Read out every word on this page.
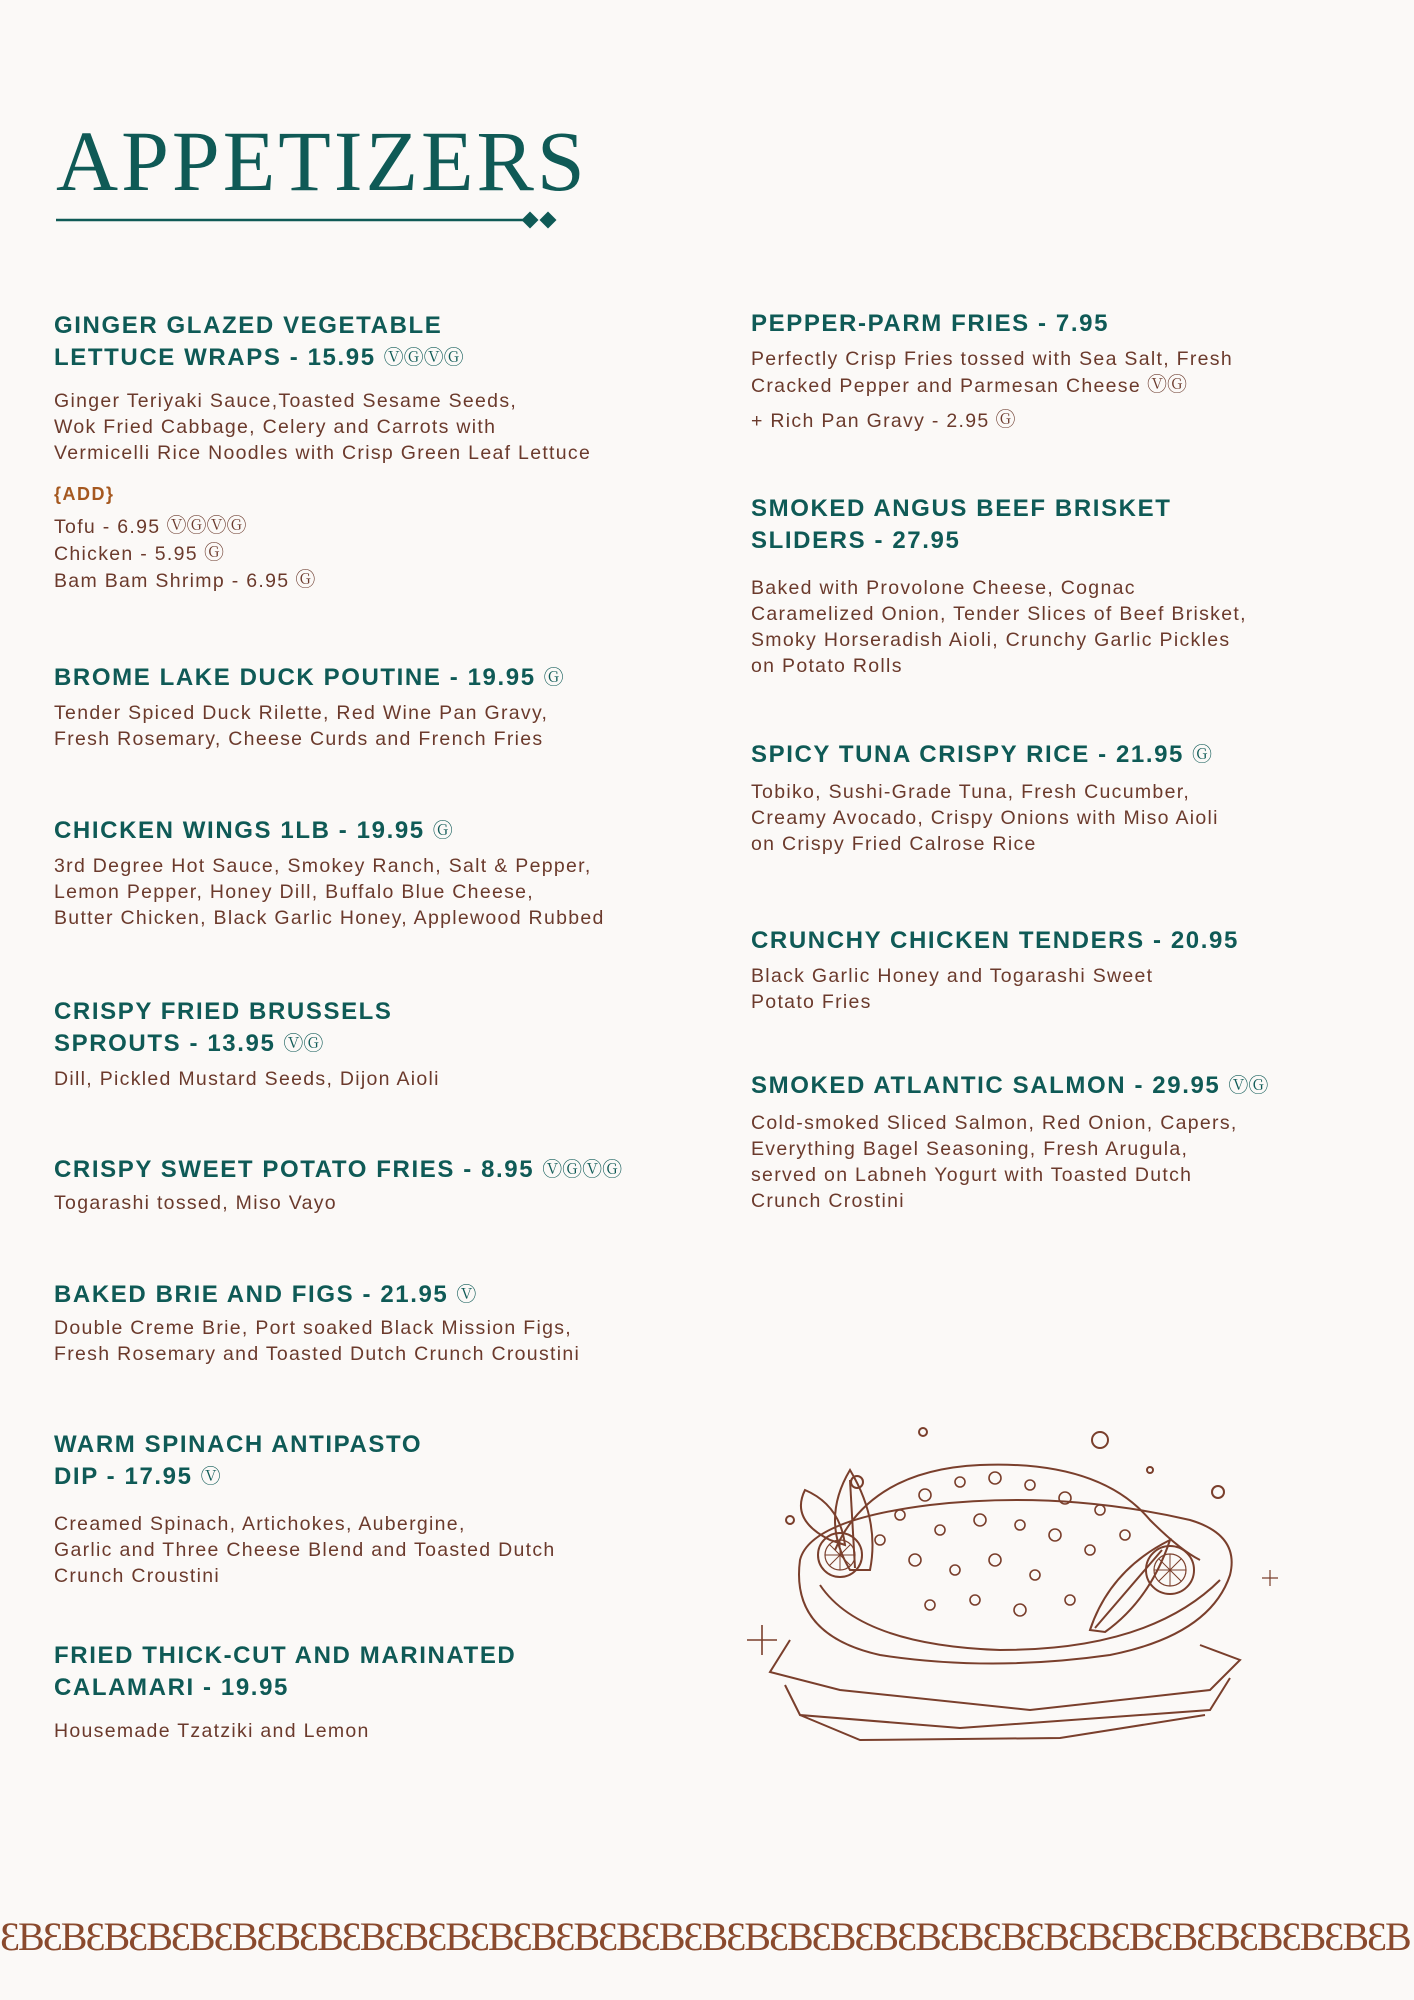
APPETIZERS

GINGER GLAZED VEGETABLE
LETTUCE WRAPS - 15.95 ⓋⒼⓋⒼ

Ginger Teriyaki Sauce,Toasted Sesame Seeds,
Wok Fried Cabbage, Celery and Carrots with
Vermicelli Rice Noodles with Crisp Green Leaf Lettuce

{ADD}

Tofu - 6.95 ⓋⒼⓋⒼ

Chicken - 5.95 Ⓖ

Bam Bam Shrimp - 6.95 Ⓖ

BROME LAKE DUCK POUTINE - 19.95 Ⓖ

Tender Spiced Duck Rilette, Red Wine Pan Gravy,
Fresh Rosemary, Cheese Curds and French Fries

CHICKEN WINGS 1LB - 19.95 Ⓖ

3rd Degree Hot Sauce, Smokey Ranch, Salt & Pepper,
Lemon Pepper, Honey Dill, Buffalo Blue Cheese,
Butter Chicken, Black Garlic Honey, Applewood Rubbed

CRISPY FRIED BRUSSELS
SPROUTS - 13.95 ⓋⒼ

Dill, Pickled Mustard Seeds, Dijon Aioli

CRISPY SWEET POTATO FRIES - 8.95 ⓋⒼⓋⒼ

Togarashi tossed, Miso Vayo

BAKED BRIE AND FIGS - 21.95 Ⓥ

Double Creme Brie, Port soaked Black Mission Figs,
Fresh Rosemary and Toasted Dutch Crunch Croustini

WARM SPINACH ANTIPASTO
DIP - 17.95 Ⓥ

Creamed Spinach, Artichokes, Aubergine,
Garlic and Three Cheese Blend and Toasted Dutch
Crunch Croustini

FRIED THICK-CUT AND MARINATED
CALAMARI - 19.95

Housemade Tzatziki and Lemon

PEPPER-PARM FRIES - 7.95

Perfectly Crisp Fries tossed with Sea Salt, Fresh
Cracked Pepper and Parmesan Cheese ⓋⒼ

+ Rich Pan Gravy - 2.95 Ⓖ

SMOKED ANGUS BEEF BRISKET
SLIDERS - 27.95

Baked with Provolone Cheese, Cognac
Caramelized Onion, Tender Slices of Beef Brisket,
Smoky Horseradish Aioli, Crunchy Garlic Pickles
on Potato Rolls

SPICY TUNA CRISPY RICE - 21.95 Ⓖ

Tobiko, Sushi-Grade Tuna, Fresh Cucumber,
Creamy Avocado, Crispy Onions with Miso Aioli
on Crispy Fried Calrose Rice

CRUNCHY CHICKEN TENDERS - 20.95

Black Garlic Honey and Togarashi Sweet
Potato Fries

SMOKED ATLANTIC SALMON - 29.95 ⓋⒼ

Cold-smoked Sliced Salmon, Red Onion, Capers,
Everything Bagel Seasoning, Fresh Arugula,
served on Labneh Yogurt with Toasted Dutch
Crunch Crostini

ƐBƐBƐBƐBƐBƐBƐBƐBƐBƐBƐBƐBƐBƐBƐBƐBƐBƐBƐBƐBƐBƐBƐBƐBƐBƐBƐBƐBƐBƐBƐBƐBƐB
